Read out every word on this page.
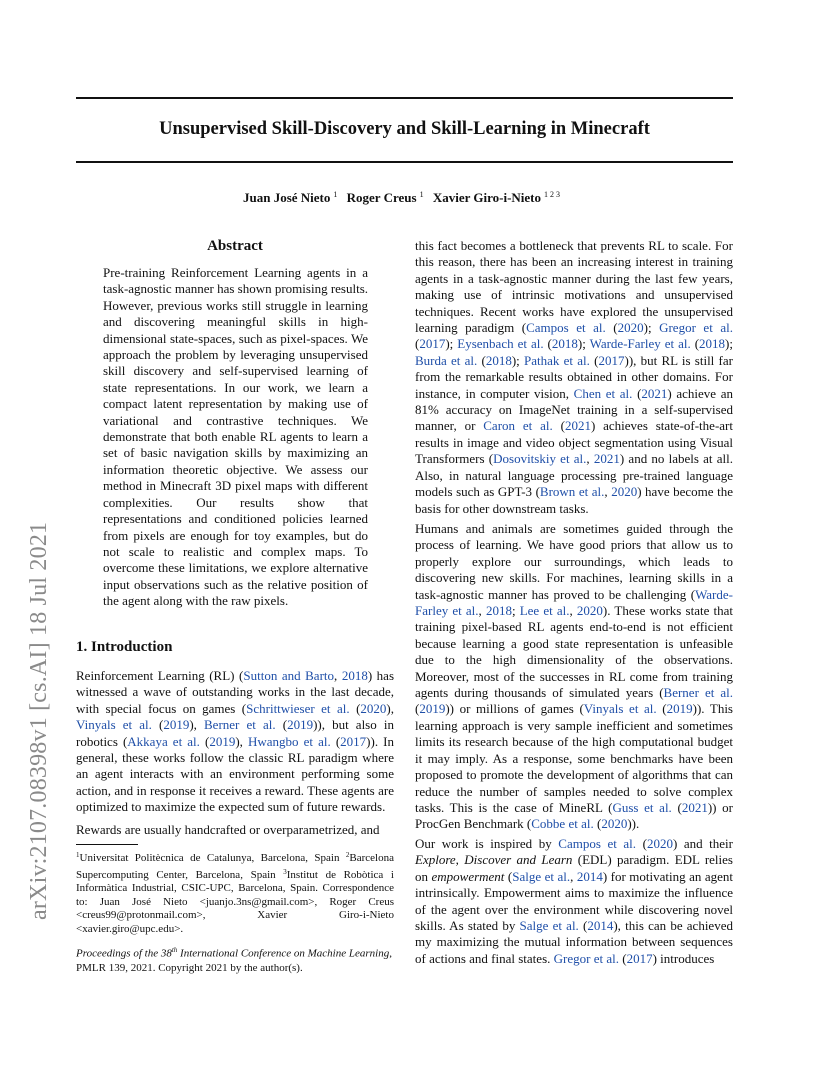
arXiv:2107.08398v1 [cs.AI] 18 Jul 2021
Unsupervised Skill-Discovery and Skill-Learning in Minecraft
Juan José Nieto $^1$ Roger Creus $^1$ Xavier Giro-i-Nieto $^{1 2 3}$
Abstract
Pre-training Reinforcement Learning agents in a task-agnostic manner has shown promising results. However, previous works still struggle in learning and discovering meaningful skills in high-dimensional state-spaces, such as pixel-spaces. We approach the problem by leveraging unsupervised skill discovery and self-supervised learning of state representations. In our work, we learn a compact latent representation by making use of variational and contrastive techniques. We demonstrate that both enable RL agents to learn a set of basic navigation skills by maximizing an information theoretic objective. We assess our method in Minecraft 3D pixel maps with different complexities. Our results show that representations and conditioned policies learned from pixels are enough for toy examples, but do not scale to realistic and complex maps. To overcome these limitations, we explore alternative input observations such as the relative position of the agent along with the raw pixels.
1. Introduction
Reinforcement Learning (RL) (Sutton and Barto, 2018) has witnessed a wave of outstanding works in the last decade, with special focus on games (Schrittwieser et al. (2020), Vinyals et al. (2019), Berner et al. (2019)), but also in robotics (Akkaya et al. (2019), Hwangbo et al. (2017)). In general, these works follow the classic RL paradigm where an agent interacts with an environment performing some action, and in response it receives a reward. These agents are optimized to maximize the expected sum of future rewards.
Rewards are usually handcrafted or overparametrized, and
$^1$Universitat Politècnica de Catalunya, Barcelona, Spain $^2$Barcelona Supercomputing Center, Barcelona, Spain $^3$Institut de Robòtica i Informàtica Industrial, CSIC-UPC, Barcelona, Spain. Correspondence to: Juan José Nieto <juanjo.3ns@gmail.com>, Roger Creus <creus99@protonmail.com>, Xavier Giro-i-Nieto <xavier.giro@upc.edu>.
Proceedings of the 38th International Conference on Machine Learning, PMLR 139, 2021. Copyright 2021 by the author(s).
this fact becomes a bottleneck that prevents RL to scale. For this reason, there has been an increasing interest in training agents in a task-agnostic manner during the last few years, making use of intrinsic motivations and unsupervised techniques. Recent works have explored the unsupervised learning paradigm (Campos et al. (2020); Gregor et al. (2017); Eysenbach et al. (2018); Warde-Farley et al. (2018); Burda et al. (2018); Pathak et al. (2017)), but RL is still far from the remarkable results obtained in other domains. For instance, in computer vision, Chen et al. (2021) achieve an 81% accuracy on ImageNet training in a self-supervised manner, or Caron et al. (2021) achieves state-of-the-art results in image and video object segmentation using Visual Transformers (Dosovitskiy et al., 2021) and no labels at all. Also, in natural language processing pre-trained language models such as GPT-3 (Brown et al., 2020) have become the basis for other downstream tasks.
Humans and animals are sometimes guided through the process of learning. We have good priors that allow us to properly explore our surroundings, which leads to discovering new skills. For machines, learning skills in a task-agnostic manner has proved to be challenging (Warde-Farley et al., 2018; Lee et al., 2020). These works state that training pixel-based RL agents end-to-end is not efficient because learning a good state representation is unfeasible due to the high dimensionality of the observations. Moreover, most of the successes in RL come from training agents during thousands of simulated years (Berner et al. (2019)) or millions of games (Vinyals et al. (2019)). This learning approach is very sample inefficient and sometimes limits its research because of the high computational budget it may imply. As a response, some benchmarks have been proposed to promote the development of algorithms that can reduce the number of samples needed to solve complex tasks. This is the case of MineRL (Guss et al. (2021)) or ProcGen Benchmark (Cobbe et al. (2020)).
Our work is inspired by Campos et al. (2020) and their Explore, Discover and Learn (EDL) paradigm. EDL relies on empowerment (Salge et al., 2014) for motivating an agent intrinsically. Empowerment aims to maximize the influence of the agent over the environment while discovering novel skills. As stated by Salge et al. (2014), this can be achieved my maximizing the mutual information between sequences of actions and final states. Gregor et al. (2017) introduces
